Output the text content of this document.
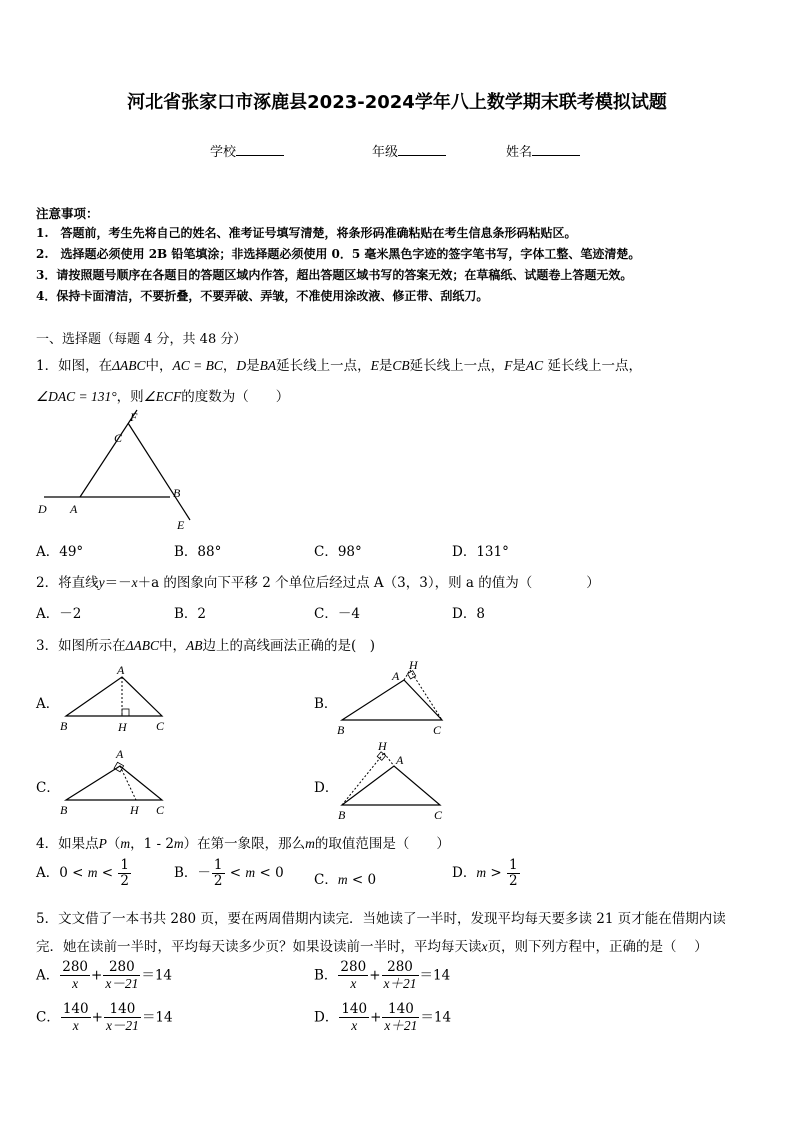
河北省张家口市涿鹿县2023-2024学年八上数学期末联考模拟试题
学校	年级	姓名
注意事项：
1.　答题前，考生先将自己的姓名、准考证号填写清楚，将条形码准确粘贴在考生信息条形码粘贴区。
2.　选择题必须使用 2B 铅笔填涂；非选择题必须使用 0．5 毫米黑色字迹的签字笔书写，字体工整、笔迹清楚。
3．请按照题号顺序在各题目的答题区域内作答，超出答题区域书写的答案无效；在草稿纸、试题卷上答题无效。
4．保持卡面清洁，不要折叠，不要弄破、弄皱，不准使用涂改液、修正带、刮纸刀。
一、选择题（每题 4 分，共 48 分）
1．如图，在ΔABC中，AC = BC，D是BA延长线上一点，E是CB延长线上一点，F是AC 延长线上一点，
∠DAC = 131°，则∠ECF的度数为（　　）
F
C
D A
B
E
A．49°	B．88°	C．98°	D．131°
2．将直线y＝－x＋a 的图象向下平移 2 个单位后经过点 A（3，3），则 a 的值为（　　　　）
A．－2	B．2	C．－4	D．8
3．如图所示在ΔABC中，AB边上的高线画法正确的是(　)
A．
A
B	H C
B．
A
H
B	C
C．
A
B	H C
D．
H
A
B	C
4．如果点P（m，1 - 2m）在第一象限，那么m的取值范围是（　　）
A．$0 < m < \frac{1}{2}$	B．－ $\frac{1}{2} < m < 0$ C．m < 0	D．$m > \frac{1}{2}$
5．文文借了一本书共 280 页，要在两周借期内读完．当她读了一半时，发现平均每天要多读 21 页才能在借期内读
完．她在读前一半时，平均每天读多少页？如果设读前一半时，平均每天读x页，则下列方程中，正确的是（　 ）
A． $\frac{280}{x} + \frac{280}{x-21} =14$	B． $\frac{280}{x} + \frac{280}{x+21} =14$
C． $\frac{140}{x} + \frac{140}{x-21} =14$	D． $\frac{140}{x} + \frac{140}{x+21} =14$
